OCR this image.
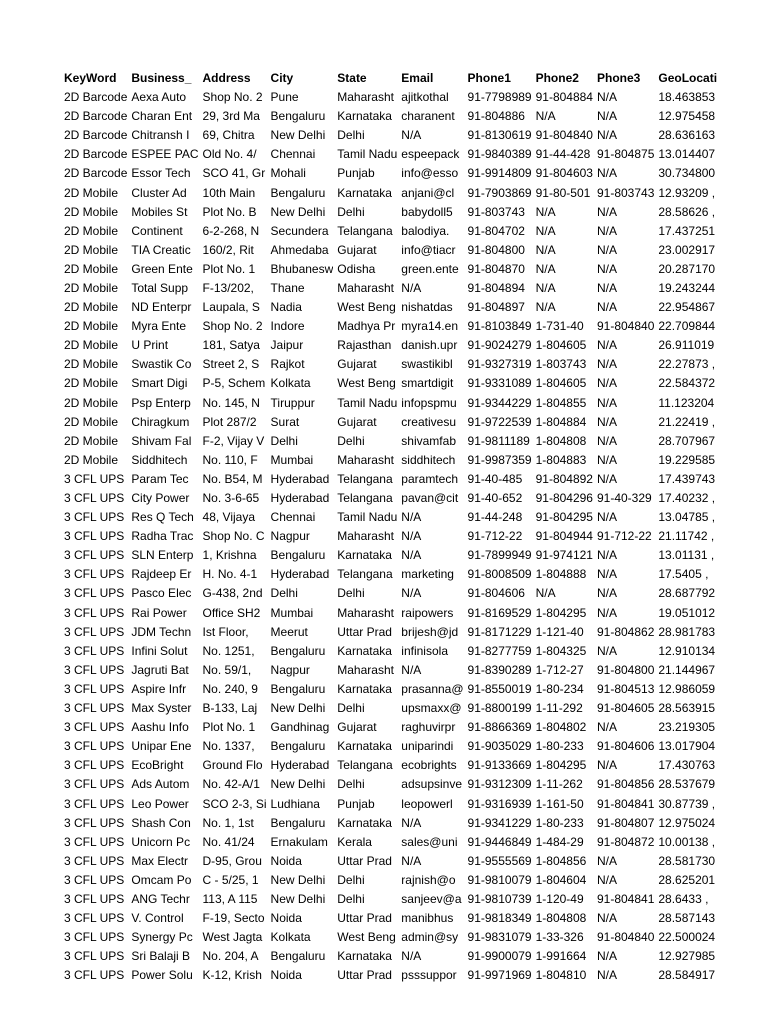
KeyWord	Business_	Address	City	State	Email	Phone1	Phone2	Phone3	GeoLocati
2D Barcode	Aexa Auto	Shop No. 2	Pune	Maharasht	ajitkothal	91-7798989	91-804884	N/A	18.463853
2D Barcode	Charan Ent	29, 3rd Ma	Bengaluru	Karnataka	charanent	91-804886	N/A	N/A	12.975458
2D Barcode	Chitransh I	69, Chitra	New Delhi	Delhi	N/A	91-8130619	91-804840	N/A	28.636163
2D Barcode	ESPEE PAC	Old No. 4/	Chennai	Tamil Nadu	espeepack	91-9840389	91-44-428	91-804875	13.014407
2D Barcode	Essor Tech	SCO 41, Gr	Mohali	Punjab	info@esso	91-9914809	91-804603	N/A	30.734800
2D Mobile	Cluster Ad	10th Main	Bengaluru	Karnataka	anjani@cl	91-7903869	91-80-501	91-803743	12.93209 ,
2D Mobile	Mobiles St	Plot No. B	New Delhi	Delhi	babydoll5	91-803743	N/A	N/A	28.58626 ,
2D Mobile	Continent	6-2-268, N	Secundera	Telangana	balodiya.	91-804702	N/A	N/A	17.437251
2D Mobile	TIA Creatic	160/2, Rit	Ahmedaba	Gujarat	info@tiacr	91-804800	N/A	N/A	23.002917
2D Mobile	Green Ente	Plot No. 1	Bhubanesw	Odisha	green.ente	91-804870	N/A	N/A	20.287170
2D Mobile	Total Supp	F-13/202,	Thane	Maharasht	N/A	91-804894	N/A	N/A	19.243244
2D Mobile	ND Enterpr	Laupala, S	Nadia	West Beng	nishatdas	91-804897	N/A	N/A	22.954867
2D Mobile	Myra Ente	Shop No. 2	Indore	Madhya Pr	myra14.en	91-8103849	1-731-40	91-804840	22.709844
2D Mobile	U Print	181, Satya	Jaipur	Rajasthan	danish.upr	91-9024279	1-804605	N/A	26.911019
2D Mobile	Swastik Co	Street 2, S	Rajkot	Gujarat	swastikibl	91-9327319	1-803743	N/A	22.27873 ,
2D Mobile	Smart Digi	P-5, Schem	Kolkata	West Beng	smartdigit	91-9331089	1-804605	N/A	22.584372
2D Mobile	Psp Enterp	No. 145, N	Tiruppur	Tamil Nadu	infopspmu	91-9344229	1-804855	N/A	11.123204
2D Mobile	Chiragkum	Plot 287/2	Surat	Gujarat	creativesu	91-9722539	1-804884	N/A	21.22419 ,
2D Mobile	Shivam Fal	F-2, Vijay V	Delhi	Delhi	shivamfab	91-9811189	1-804808	N/A	28.707967
2D Mobile	Siddhitech	No. 110, F	Mumbai	Maharasht	siddhitech	91-9987359	1-804883	N/A	19.229585
3 CFL UPS	Param Tec	No. B54, M	Hyderabad	Telangana	paramtech	91-40-485	91-804892	N/A	17.439743
3 CFL UPS	City Power	No. 3-6-65	Hyderabad	Telangana	pavan@cit	91-40-652	91-804296	91-40-329	17.40232 ,
3 CFL UPS	Res Q Tech	48, Vijaya	Chennai	Tamil Nadu	N/A	91-44-248	91-804295	N/A	13.04785 ,
3 CFL UPS	Radha Trac	Shop No. C	Nagpur	Maharasht	N/A	91-712-22	91-804944	91-712-22	21.11742 ,
3 CFL UPS	SLN Enterp	1, Krishna	Bengaluru	Karnataka	N/A	91-7899949	91-974121	N/A	13.01131 ,
3 CFL UPS	Rajdeep Er	H. No. 4-1	Hyderabad	Telangana	marketing	91-8008509	1-804888	N/A	17.5405 ,
3 CFL UPS	Pasco Elec	G-438, 2nd	Delhi	Delhi	N/A	91-804606	N/A	N/A	28.687792
3 CFL UPS	Rai Power	Office SH2	Mumbai	Maharasht	raipowers	91-8169529	1-804295	N/A	19.051012
3 CFL UPS	JDM Techn	Ist Floor,	Meerut	Uttar Prad	brijesh@jd	91-8171229	1-121-40	91-804862	28.981783
3 CFL UPS	Infini Solut	No. 1251,	Bengaluru	Karnataka	infinisola	91-8277759	1-804325	N/A	12.910134
3 CFL UPS	Jagruti Bat	No. 59/1,	Nagpur	Maharasht	N/A	91-8390289	1-712-27	91-804800	21.144967
3 CFL UPS	Aspire Infr	No. 240, 9	Bengaluru	Karnataka	prasanna@	91-8550019	1-80-234	91-804513	12.986059
3 CFL UPS	Max Syster	B-133, Laj	New Delhi	Delhi	upsmaxx@	91-8800199	1-11-292	91-804605	28.563915
3 CFL UPS	Aashu Info	Plot No. 1	Gandhinag	Gujarat	raghuvirpr	91-8866369	1-804802	N/A	23.219305
3 CFL UPS	Unipar Ene	No. 1337,	Bengaluru	Karnataka	uniparindi	91-9035029	1-80-233	91-804606	13.017904
3 CFL UPS	EcoBright	Ground Flo	Hyderabad	Telangana	ecobrights	91-9133669	1-804295	N/A	17.430763
3 CFL UPS	Ads Autom	No. 42-A/1	New Delhi	Delhi	adsupsinve	91-9312309	1-11-262	91-804856	28.537679
3 CFL UPS	Leo Power	SCO 2-3, Si	Ludhiana	Punjab	leopowerl	91-9316939	1-161-50	91-804841	30.87739 ,
3 CFL UPS	Shash Con	No. 1, 1st	Bengaluru	Karnataka	N/A	91-9341229	1-80-233	91-804807	12.975024
3 CFL UPS	Unicorn Pc	No. 41/24	Ernakulam	Kerala	sales@uni	91-9446849	1-484-29	91-804872	10.00138 ,
3 CFL UPS	Max Electr	D-95, Grou	Noida	Uttar Prad	N/A	91-9555569	1-804856	N/A	28.581730
3 CFL UPS	Omcam Po	C - 5/25, 1	New Delhi	Delhi	rajnish@o	91-9810079	1-804604	N/A	28.625201
3 CFL UPS	ANG Techr	113, A 115	New Delhi	Delhi	sanjeev@a	91-9810739	1-120-49	91-804841	28.6433 ,
3 CFL UPS	V. Control	F-19, Secto	Noida	Uttar Prad	manibhus	91-9818349	1-804808	N/A	28.587143
3 CFL UPS	Synergy Pc	West Jagta	Kolkata	West Beng	admin@sy	91-9831079	1-33-326	91-804840	22.500024
3 CFL UPS	Sri Balaji B	No. 204, A	Bengaluru	Karnataka	N/A	91-9900079	1-991664	N/A	12.927985
3 CFL UPS	Power Solu	K-12, Krish	Noida	Uttar Prad	psssuppor	91-9971969	1-804810	N/A	28.584917
